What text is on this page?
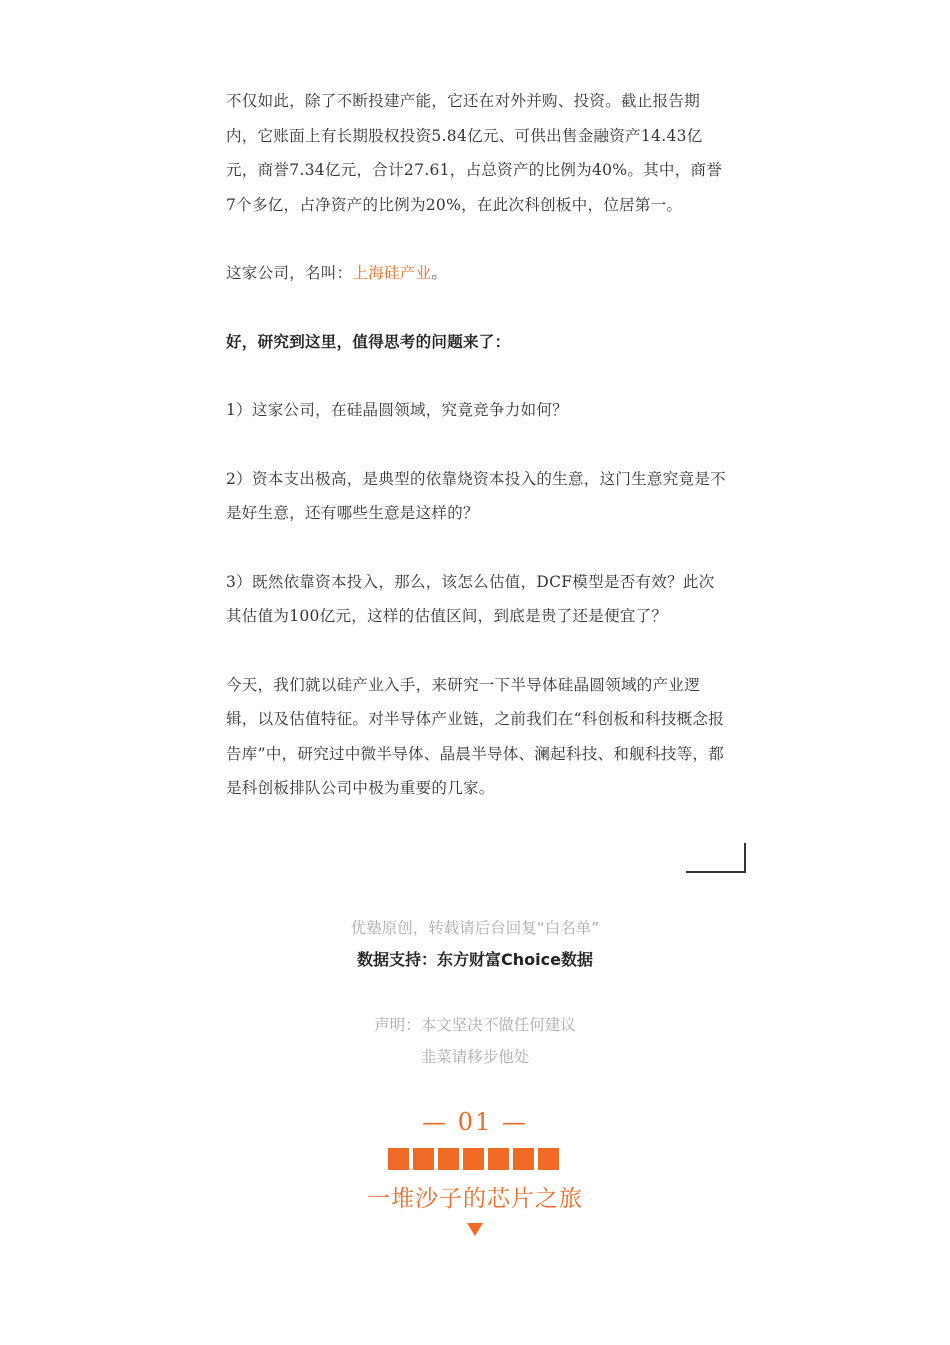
不仅如此，除了不断投建产能，它还在对外并购、投资。截止报告期内，它账面上有长期股权投资5.84亿元、可供出售金融资产14.43亿元，商誉7.34亿元，合计27.61，占总资产的比例为40%。其中，商誉7个多亿，占净资产的比例为20%，在此次科创板中，位居第一。

这家公司，名叫：上海硅产业。

好，研究到这里，值得思考的问题来了：

1）这家公司，在硅晶圆领域，究竟竞争力如何？

2）资本支出极高，是典型的依靠烧资本投入的生意，这门生意究竟是不是好生意，还有哪些生意是这样的？

3）既然依靠资本投入，那么，该怎么估值，DCF模型是否有效？此次其估值为100亿元，这样的估值区间，到底是贵了还是便宜了？

今天，我们就以硅产业入手，来研究一下半导体硅晶圆领域的产业逻辑，以及估值特征。对半导体产业链，之前我们在“科创板和科技概念报告库”中，研究过中微半导体、晶晨半导体、澜起科技、和舰科技等，都是科创板排队公司中极为重要的几家。

优塾原创，转载请后台回复“白名单”
数据支持：东方财富Choice数据
声明：本文坚决不做任何建议
韭菜请移步他处
— 01 —
一堆沙子的芯片之旅
